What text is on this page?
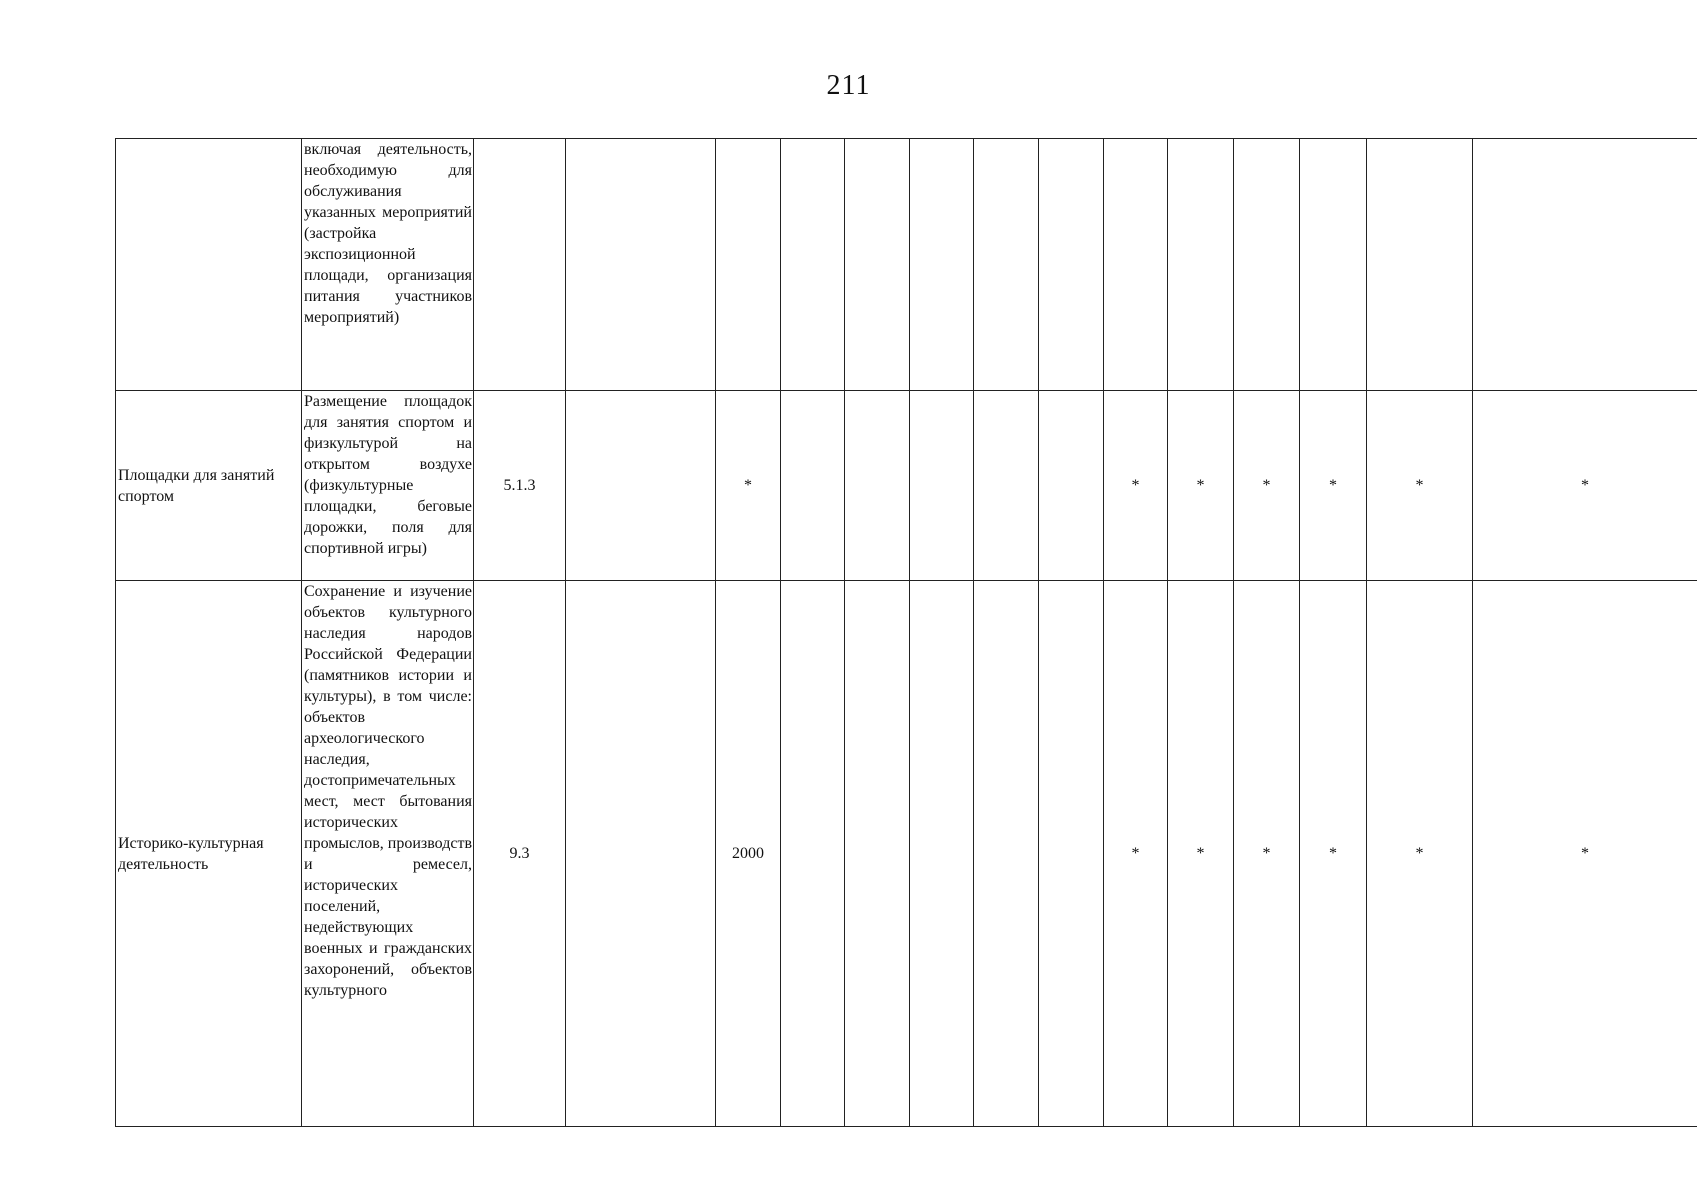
211
	включая деятельность, необходимую для обслуживания указанных мероприятий (застройка экспозиционной площади, организация питания участников мероприятий)														
Площадки для занятий спортом	Размещение площадок для занятия спортом и физкультурой на открытом воздухе (физкультурные площадки, беговые дорожки, поля для спортивной игры)	5.1.3		*						*	*	*	*	*	*
Историко-культурная деятельность	Сохранение и изучение объектов культурного наследия народов Российской Федерации (памятников истории и культуры), в том числе: объектов археологического наследия, достопримечательных мест, мест бытования исторических промыслов, производств и ремесел, исторических поселений, недействующих военных и гражданских захоронений, объектов культурного	9.3		2000						*	*	*	*	*	*
